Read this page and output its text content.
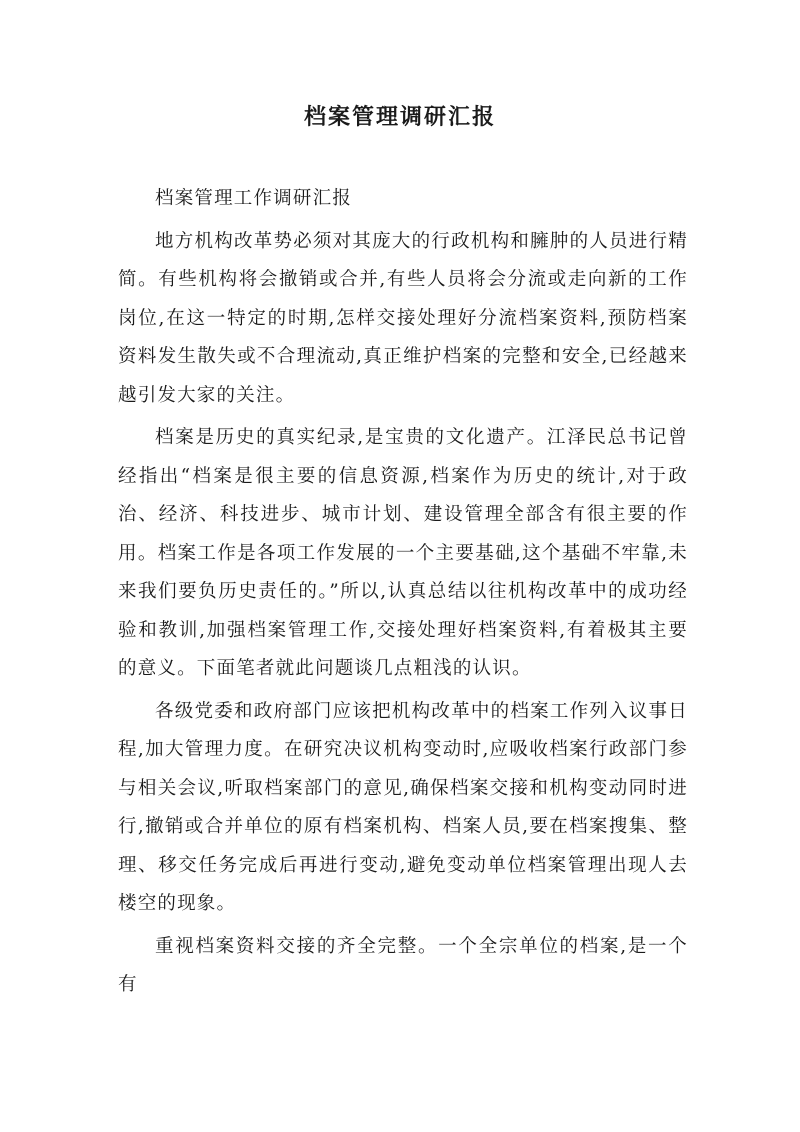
档案管理调研汇报

档案管理工作调研汇报

地方机构改革势必须对其庞大的行政机构和臃肿的人员进行精简。有些机构将会撤销或合并,有些人员将会分流或走向新的工作岗位,在这一特定的时期,怎样交接处理好分流档案资料,预防档案资料发生散失或不合理流动,真正维护档案的完整和安全,已经越来越引发大家的关注。

档案是历史的真实纪录,是宝贵的文化遗产。江泽民总书记曾经指出“档案是很主要的信息资源,档案作为历史的统计,对于政治、经济、科技进步、城市计划、建设管理全部含有很主要的作用。档案工作是各项工作发展的一个主要基础,这个基础不牢靠,未来我们要负历史责任的。”所以,认真总结以往机构改革中的成功经验和教训,加强档案管理工作,交接处理好档案资料,有着极其主要的意义。下面笔者就此问题谈几点粗浅的认识。

各级党委和政府部门应该把机构改革中的档案工作列入议事日程,加大管理力度。在研究决议机构变动时,应吸收档案行政部门参与相关会议,听取档案部门的意见,确保档案交接和机构变动同时进行,撤销或合并单位的原有档案机构、档案人员,要在档案搜集、整理、移交任务完成后再进行变动,避免变动单位档案管理出现人去楼空的现象。

重视档案资料交接的齐全完整。一个全宗单位的档案,是一个有
